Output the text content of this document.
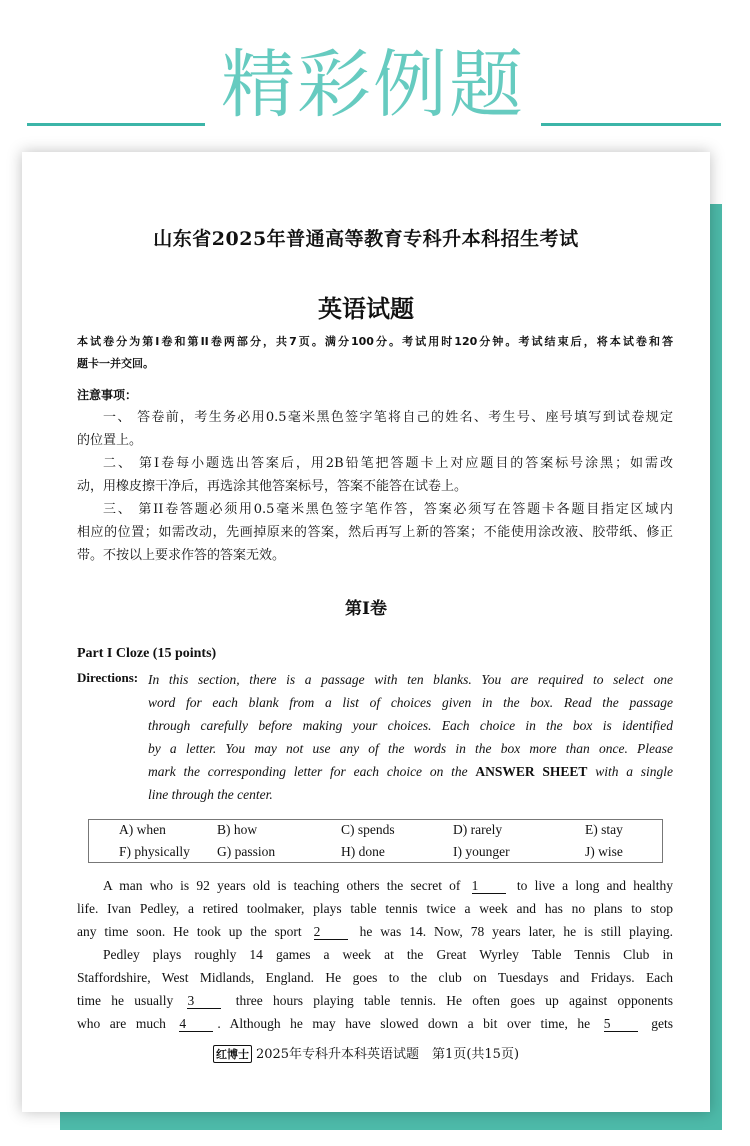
精彩例题
山东省2025年普通高等教育专科升本科招生考试
英语试题
本试卷分为第I卷和第II卷两部分，共7页。满分100分。考试用时120分钟。考试结束后，将本试卷和答
题卡一并交回。
注意事项：
一、 答卷前，考生务必用0.5毫米黑色签字笔将自己的姓名、考生号、座号填写到试卷规定
的位置上。
二、 第I卷每小题选出答案后，用2B铅笔把答题卡上对应题目的答案标号涂黑；如需改
动，用橡皮擦干净后，再选涂其他答案标号，答案不能答在试卷上。
三、 第II卷答题必须用0.5毫米黑色签字笔作答，答案必须写在答题卡各题目指定区域内
相应的位置；如需改动，先画掉原来的答案，然后再写上新的答案；不能使用涂改液、胶带纸、修正
带。不按以上要求作答的答案无效。
第I卷
Part I Cloze (15 points)
Directions: In this section, there is a passage with ten blanks. You are required to select one
word for each blank from a list of choices given in the box. Read the passage
through carefully before making your choices. Each choice in the box is identified
by a letter. You may not use any of the words in the box more than once. Please
mark the corresponding letter for each choice on the ANSWER SHEET with a single
line through the center.
A) when	B) how	C) spends	D) rarely	E) stay
F) physically G) passion	H) done	I) younger	J) wise
A man who is 92 years old is teaching others the secret of 1	to live a long and healthy
life. Ivan Pedley, a retired toolmaker, plays table tennis twice a week and has no plans to stop
any time soon. He took up the sport 2	he was 14. Now, 78 years later, he is still playing.
Pedley plays roughly 14 games a week at the Great Wyrley Table Tennis Club in
Staffordshire, West Midlands, England. He goes to the club on Tuesdays and Fridays. Each
time he usually 3	three hours playing table tennis. He often goes up against opponents
who are much 4 . Although he may have slowed down a bit over time, he 5	gets
红博士 2025年专科升本科英语试题　第1页(共15页)
